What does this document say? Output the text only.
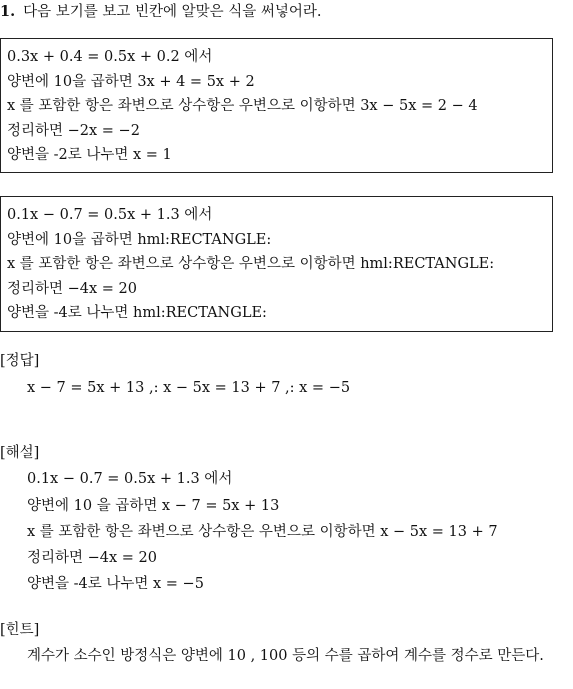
1. 다음 보기를 보고 빈칸에 알맞은 식을 써넣어라.
0.3x + 0.4 = 0.5x + 0.2 에서
양변에 10을 곱하면 3x + 4 = 5x + 2
x 를 포함한 항은 좌변으로 상수항은 우변으로 이항하면 3x − 5x = 2 − 4
정리하면 −2x = −2
양변을 -2로 나누면 x = 1
0.1x − 0.7 = 0.5x + 1.3 에서
양변에 10을 곱하면 hml:RECTANGLE:
x 를 포함한 항은 좌변으로 상수항은 우변으로 이항하면 hml:RECTANGLE:
정리하면 −4x = 20
양변을 -4로 나누면 hml:RECTANGLE:
[정답]
x − 7 = 5x + 13 ,: x − 5x = 13 + 7 ,: x = −5
[해설]
0.1x − 0.7 = 0.5x + 1.3 에서
양변에 10 을 곱하면 x − 7 = 5x + 13
x 를 포함한 항은 좌변으로 상수항은 우변으로 이항하면 x − 5x = 13 + 7
정리하면 −4x = 20
양변을 -4로 나누면 x = −5
[힌트]
계수가 소수인 방정식은 양변에 10 , 100 등의 수를 곱하여 계수를 정수로 만든다.
